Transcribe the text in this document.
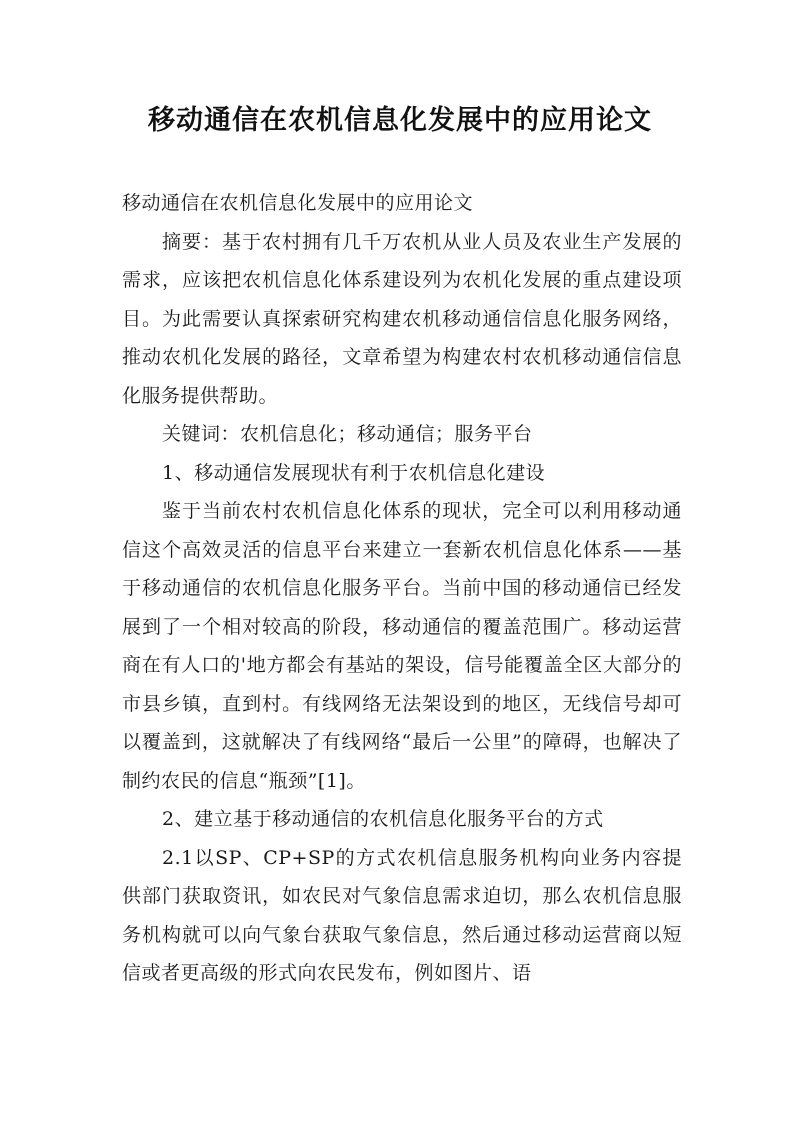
移动通信在农机信息化发展中的应用论文

移动通信在农机信息化发展中的应用论文

摘要：基于农村拥有几千万农机从业人员及农业生产发展的需求，应该把农机信息化体系建设列为农机化发展的重点建设项目。为此需要认真探索研究构建农机移动通信信息化服务网络，推动农机化发展的路径，文章希望为构建农村农机移动通信信息化服务提供帮助。

关键词：农机信息化；移动通信；服务平台

1、移动通信发展现状有利于农机信息化建设

鉴于当前农村农机信息化体系的现状，完全可以利用移动通信这个高效灵活的信息平台来建立一套新农机信息化体系——基于移动通信的农机信息化服务平台。当前中国的移动通信已经发展到了一个相对较高的阶段，移动通信的覆盖范围广。移动运营商在有人口的'地方都会有基站的架设，信号能覆盖全区大部分的市县乡镇，直到村。有线网络无法架设到的地区，无线信号却可以覆盖到，这就解决了有线网络“最后一公里”的障碍，也解决了制约农民的信息“瓶颈”[1]。

2、建立基于移动通信的农机信息化服务平台的方式

2.1以SP、CP+SP的方式农机信息服务机构向业务内容提供部门获取资讯，如农民对气象信息需求迫切，那么农机信息服务机构就可以向气象台获取气象信息，然后通过移动运营商以短信或者更高级的形式向农民发布，例如图片、语
